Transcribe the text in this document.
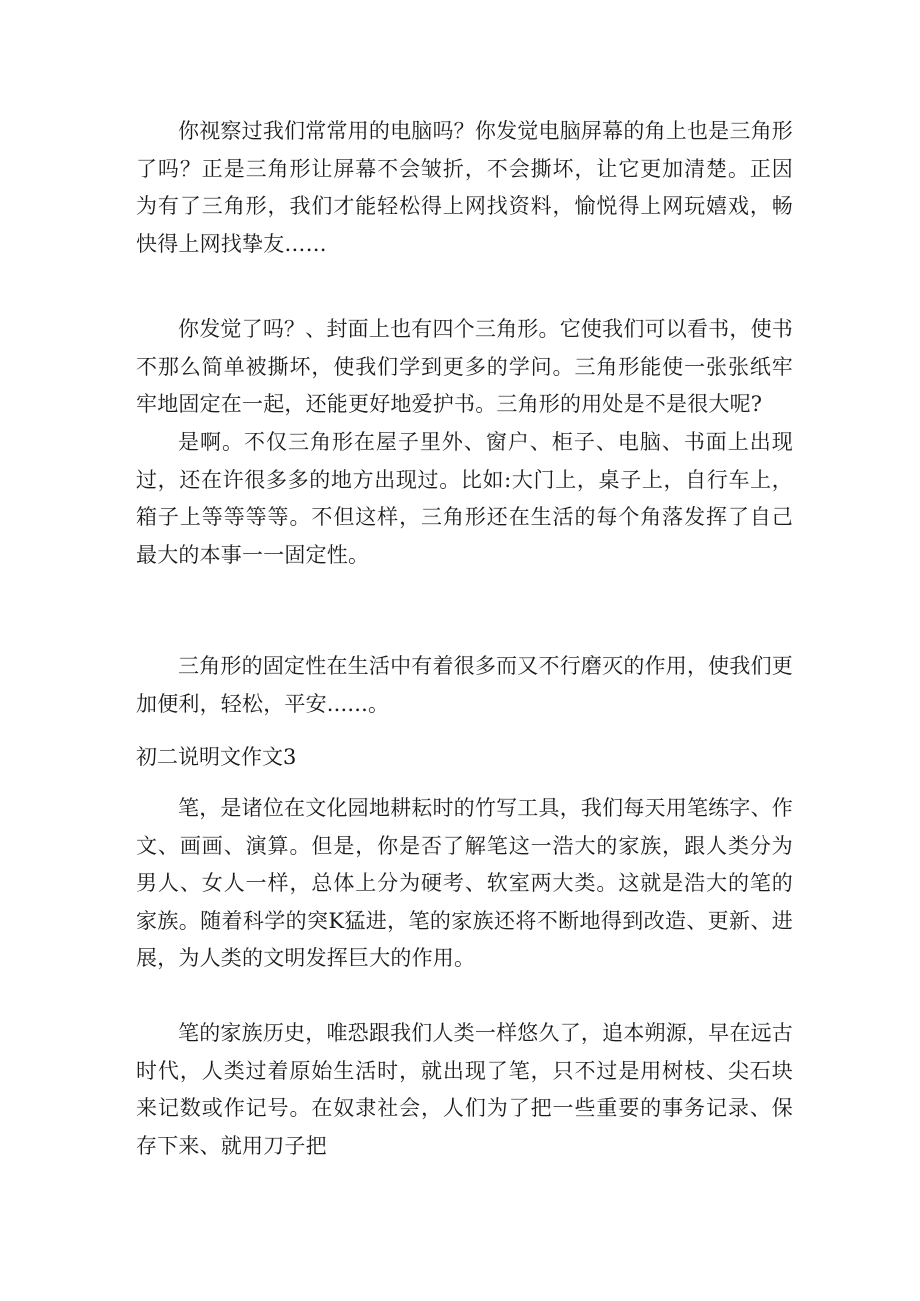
你视察过我们常常用的电脑吗？你发觉电脑屏幕的角上也是三角形了吗？正是三角形让屏幕不会皱折，不会撕坏，让它更加清楚。正因为有了三角形，我们才能轻松得上网找资料，愉悦得上网玩嬉戏，畅快得上网找挚友……

你发觉了吗？、封面上也有四个三角形。它使我们可以看书，使书不那么简单被撕坏，使我们学到更多的学问。三角形能使一张张纸牢牢地固定在一起，还能更好地爱护书。三角形的用处是不是很大呢?

是啊。不仅三角形在屋子里外、窗户、柜子、电脑、书面上出现过，还在许很多多的地方出现过。比如:大门上，桌子上，自行车上，箱子上等等等等。不但这样，三角形还在生活的每个角落发挥了自己最大的本事一一固定性。

三角形的固定性在生活中有着很多而又不行磨灭的作用，使我们更加便利，轻松，平安......。

初二说明文作文3

笔，是诸位在文化园地耕耘时的竹写工具，我们每天用笔练字、作文、画画、演算。但是，你是否了解笔这一浩大的家族，跟人类分为男人、女人一样，总体上分为硬考、软室两大类。这就是浩大的笔的家族。随着科学的突K猛进，笔的家族还将不断地得到改造、更新、进展，为人类的文明发挥巨大的作用。

笔的家族历史，唯恐跟我们人类一样悠久了，追本朔源，早在远古时代，人类过着原始生活时，就出现了笔，只不过是用树枝、尖石块来记数或作记号。在奴隶社会，人们为了把一些重要的事务记录、保存下来、就用刀子把
